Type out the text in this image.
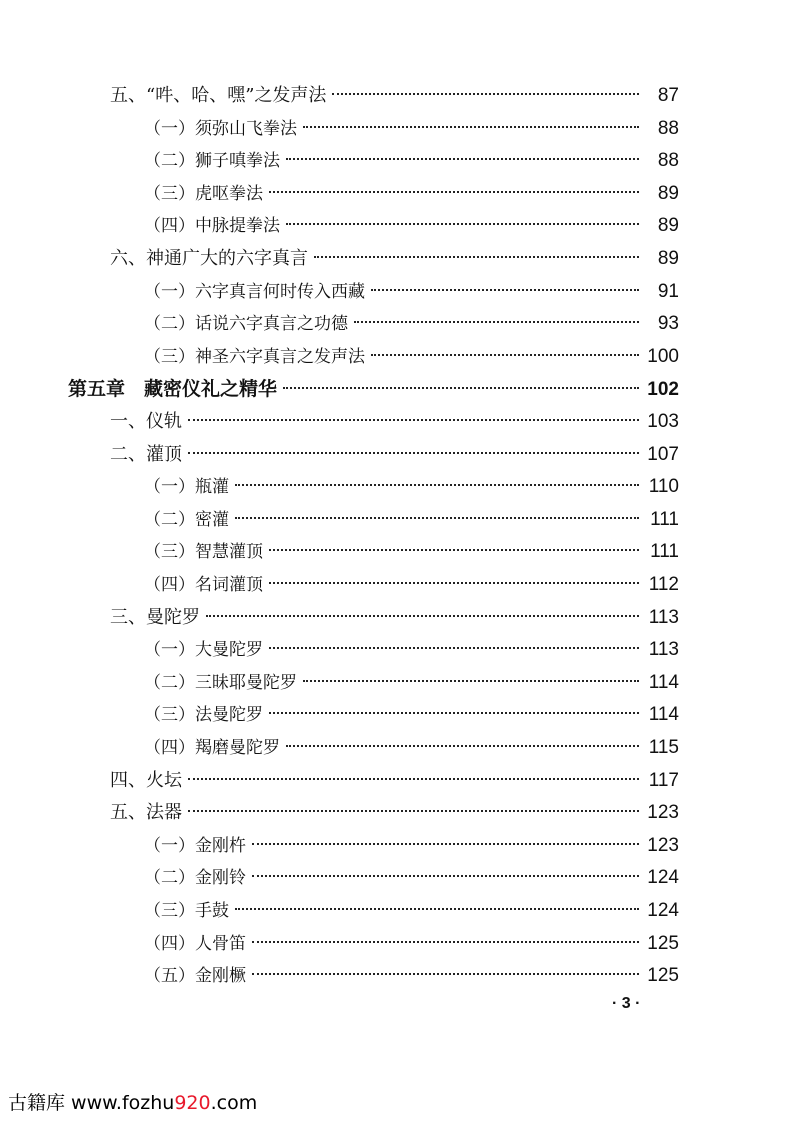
五、“吽、哈、嘿”之发声法	87
（一）须弥山飞拳法	88
（二）狮子嗔拳法	88
（三）虎呕拳法	89
（四）中脉提拳法	89
六、神通广大的六字真言	89
（一）六字真言何时传入西藏	91
（二）话说六字真言之功德	93
（三）神圣六字真言之发声法	100
第五章　藏密仪礼之精华	102
一、仪轨	103
二、灌顶	107
（一）瓶灌	110
（二）密灌	111
（三）智慧灌顶	111
（四）名词灌顶	112
三、曼陀罗	113
（一）大曼陀罗	113
（二）三昧耶曼陀罗	114
（三）法曼陀罗	114
（四）羯磨曼陀罗	115
四、火坛	117
五、法器	123
（一）金刚杵	123
（二）金刚铃	124
（三）手鼓	124
（四）人骨笛	125
（五）金刚橛	125
· 3 ·
古籍库 www.fozhu920.com
